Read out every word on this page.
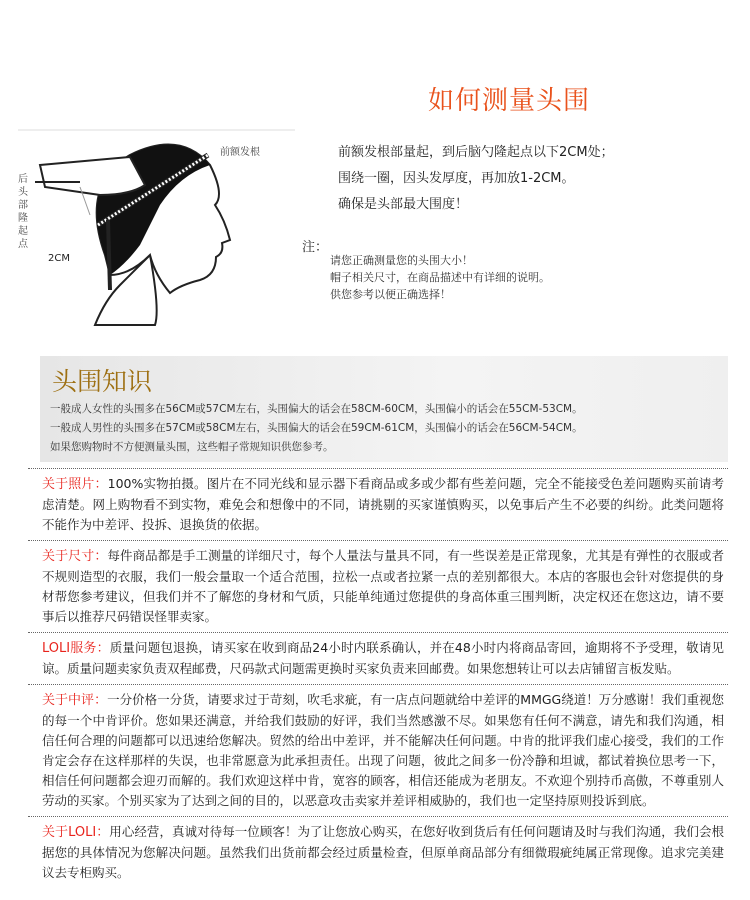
如何测量头围
前额发根
后头部隆起点
2CM
前额发根部量起，到后脑勺隆起点以下2CM处；
围绕一圈，因头发厚度，再加放1-2CM。
确保是头部最大围度！
注：
请您正确测量您的头围大小！
帽子相关尺寸，在商品描述中有详细的说明。
供您参考以便正确选择！
头围知识
一般成人女性的头围多在56CM或57CM左右，头围偏大的话会在58CM-60CM，头围偏小的话会在55CM-53CM。
一般成人男性的头围多在57CM或58CM左右，头围偏大的话会在59CM-61CM，头围偏小的话会在56CM-54CM。
如果您购物时不方便测量头围，这些帽子常规知识供您参考。
关于照片：100%实物拍摄。图片在不同光线和显示器下看商品或多或少都有些差问题，完全不能接受色差问题购买前请考虑清楚。网上购物看不到实物，难免会和想像中的不同，请挑剔的买家谨慎购买，以免事后产生不必要的纠纷。此类问题将不能作为中差评、投拆、退换货的依据。
关于尺寸：每件商品都是手工测量的详细尺寸，每个人量法与量具不同，有一些误差是正常现象，尤其是有弹性的衣服或者不规则造型的衣服，我们一般会量取一个适合范围，拉松一点或者拉紧一点的差别都很大。本店的客服也会针对您提供的身材帮您参考建议，但我们并不了解您的身材和气质，只能单纯通过您提供的身高体重三围判断，决定权还在您这边，请不要事后以推荐尺码错误怪罪卖家。
LOLI服务：质量问题包退换，请买家在收到商品24小时内联系确认，并在48小时内将商品寄回，逾期将不予受理，敬请见谅。质量问题卖家负责双程邮费，尺码款式问题需更换时买家负责来回邮费。如果您想转让可以去店铺留言板发贴。
关于中评：一分价格一分货，请要求过于苛刻，吹毛求疵，有一店点问题就给中差评的MMGG绕道！万分感谢！我们重视您的每一个中肯评价。您如果还满意，并给我们鼓励的好评，我们当然感激不尽。如果您有任何不满意，请先和我们沟通，相信任何合理的问题都可以迅速给您解决。贸然的给出中差评，并不能解决任何问题。中肯的批评我们虚心接受，我们的工作肯定会存在这样那样的失误，也非常愿意为此承担责任。出现了问题，彼此之间多一份冷静和坦诚，都试着换位思考一下，相信任何问题都会迎刃而解的。我们欢迎这样中肯，宽容的顾客，相信还能成为老朋友。不欢迎个别持币高傲，不尊重别人劳动的买家。个别买家为了达到之间的目的，以恶意攻击卖家并差评相威胁的，我们也一定坚持原则投诉到底。
关于LOLI：用心经营，真诚对待每一位顾客！为了让您放心购买，在您好收到货后有任何问题请及时与我们沟通，我们会根据您的具体情况为您解决问题。虽然我们出货前都会经过质量检查，但原单商品部分有细微瑕疵纯属正常现像。追求完美建议去专柜购买。
